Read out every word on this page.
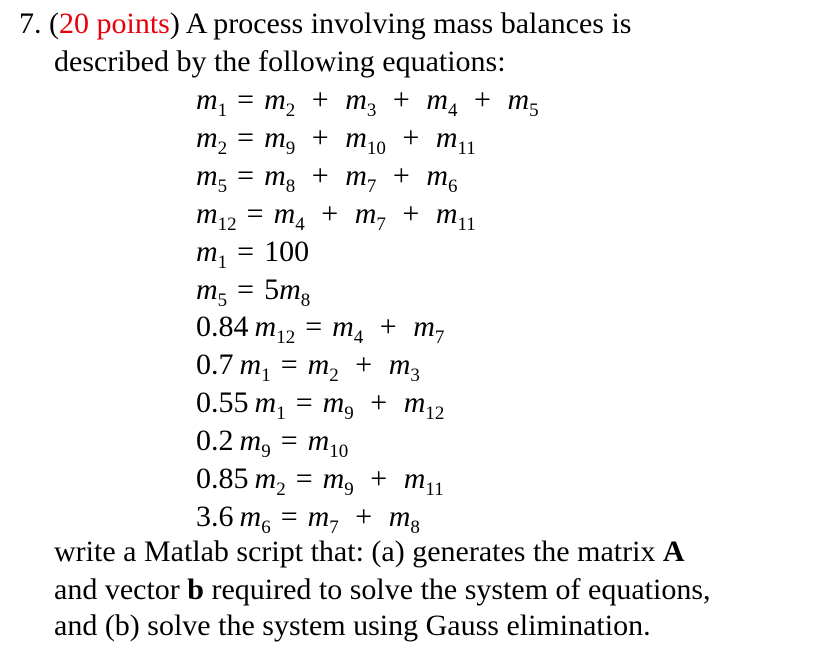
7. (20 points) A process involving mass balances is
described by the following equations:
$m_1 = m_2 + m_3 + m_4 + m_5$
$m_2 = m_9 + m_{10} + m_{11}$
$m_5 = m_8 + m_7 + m_6$
$m_{12} = m_4 + m_7 + m_{11}$
$m_1 = 100$
$m_5 = 5m_8$
0.84  $m_{12} = m_4 + m_7$
0.7  $m_1 = m_2 + m_3$
0.55  $m_1 = m_9 + m_{12}$
0.2  $m_9 = m_{10}$
0.85  $m_2 = m_9 + m_{11}$
3.6  $m_6 = m_7 + m_8$
write a Matlab script that: (a) generates the matrix A
and vector b required to solve the system of equations,
and (b) solve the system using Gauss elimination.
